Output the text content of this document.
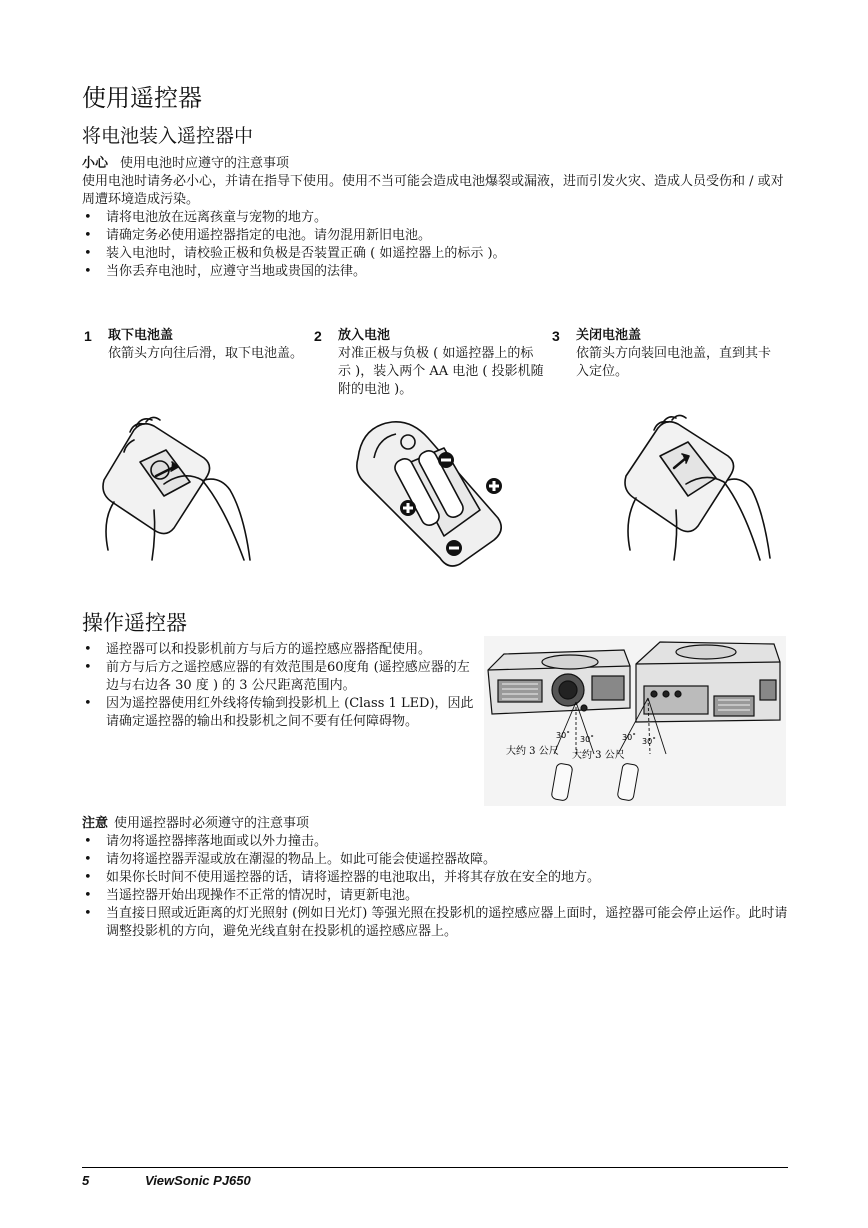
使用遥控器
将电池装入遥控器中
小心 使用电池时应遵守的注意事项
使用电池时请务必小心，并请在指导下使用。使用不当可能会造成电池爆裂或漏液，进而引发火灾、造成人员受伤和 / 或对周遭环境造成污染。
• 请将电池放在远离孩童与宠物的地方。
• 请确定务必使用遥控器指定的电池。请勿混用新旧电池。
• 装入电池时，请校验正极和负极是否装置正确 ( 如遥控器上的标示 )。
• 当你丢弃电池时，应遵守当地或贵国的法律。
1 取下电池盖
依箭头方向往后滑，取下电池盖。
2 放入电池
对准正极与负极 ( 如遥控器上的标示 )，装入两个 AA 电池 ( 投影机随附的电池 )。
3 关闭电池盖
依箭头方向装回电池盖，直到其卡入定位。
操作遥控器
• 遥控器可以和投影机前方与后方的遥控感应器搭配使用。
• 前方与后方之遥控感应器的有效范围是60度角 (遥控感应器的左边与右边各 30 度 ) 的 3 公尺距离范围内。
• 因为遥控器使用红外线将传输到投影机上 (Class 1 LED)，因此请确定遥控器的输出和投影机之间不要有任何障碍物。
30˚ 30˚	30˚ 30˚
大约 3 公尺 大约 3 公尺
注意 使用遥控器时必须遵守的注意事项
• 请勿将遥控器摔落地面或以外力撞击。
• 请勿将遥控器弄湿或放在潮湿的物品上。如此可能会使遥控器故障。
• 如果你长时间不使用遥控器的话，请将遥控器的电池取出，并将其存放在安全的地方。
• 当遥控器开始出现操作不正常的情况时，请更新电池。
• 当直接日照或近距离的灯光照射 (例如日光灯) 等强光照在投影机的遥控感应器上面时，遥控器可能会停止运作。此时请调整投影机的方向，避免光线直射在投影机的遥控感应器上。
5	ViewSonic PJ650
